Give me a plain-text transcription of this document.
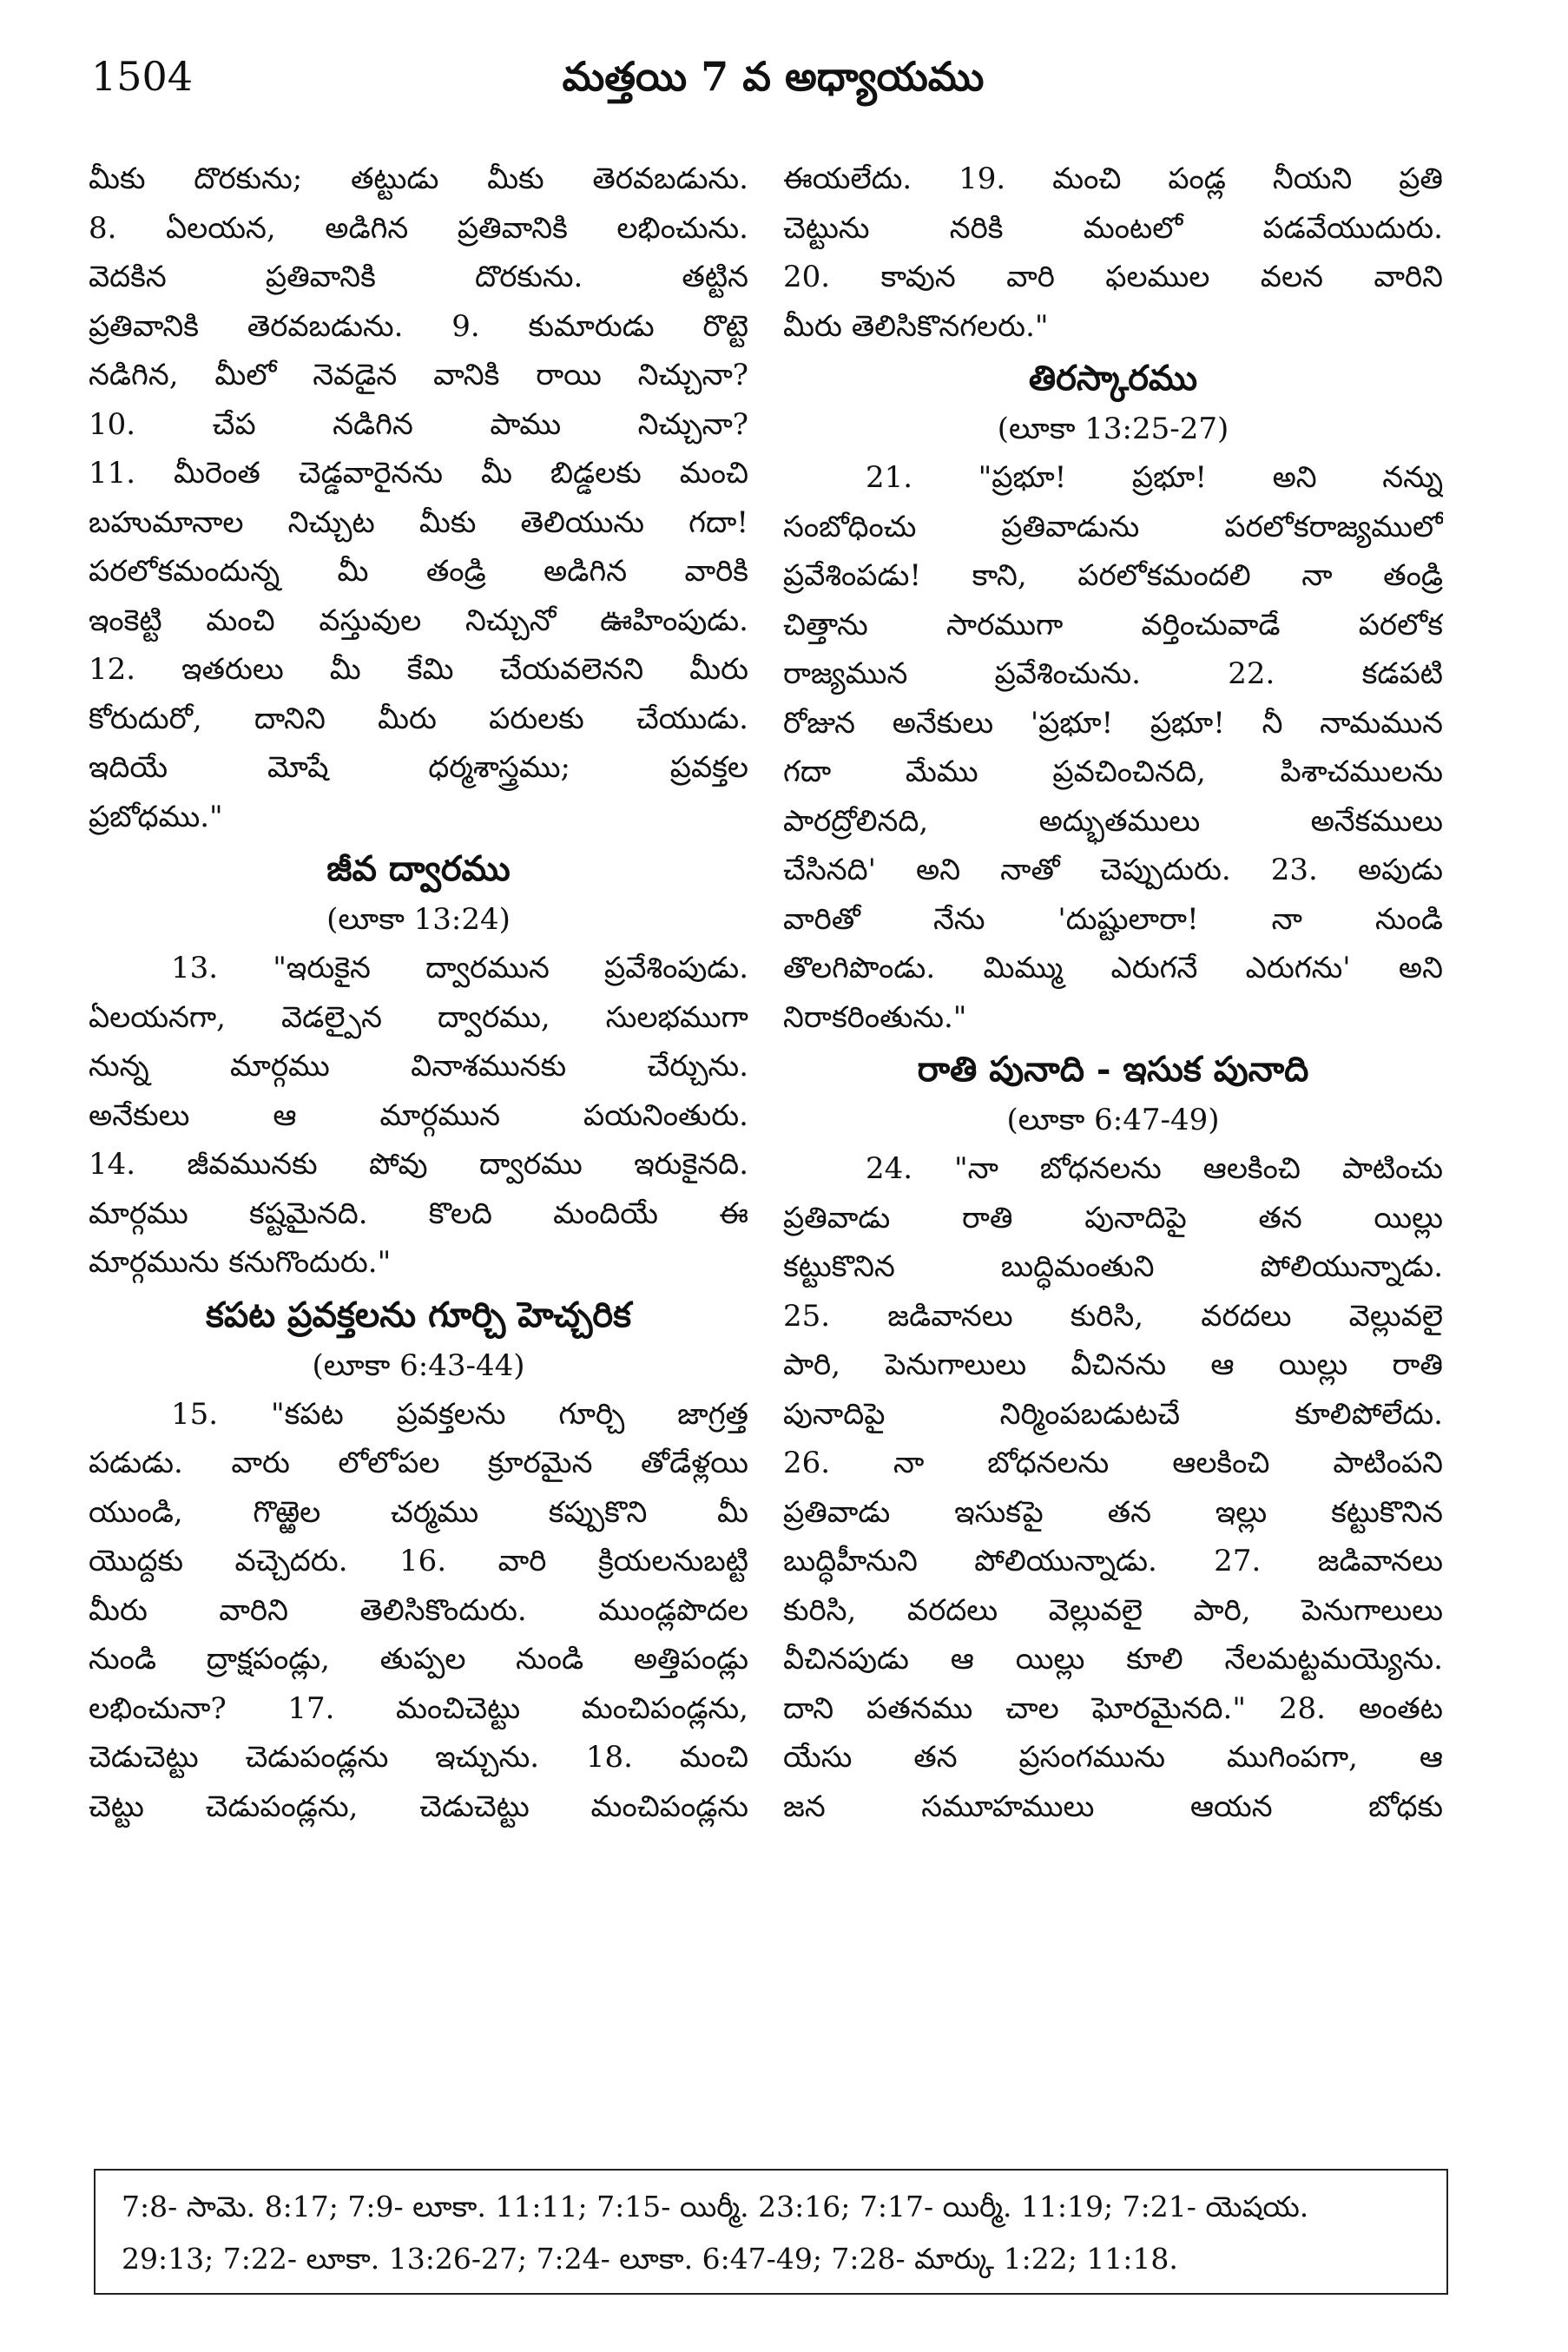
1504	మత్తయి 7 వ అధ్యాయము
మీకు దొరకును; తట్టుడు మీకు తెరవబడును.
8. ఏలయన, అడిగిన ప్రతివానికి లభించును.
వెదకిన ప్రతివానికి దొరకును. తట్టిన
ప్రతివానికి తెరవబడును. 9. కుమారుడు రొట్టె
నడిగిన, మీలో నెవడైన వానికి రాయి నిచ్చునా?
10. చేప నడిగిన పాము నిచ్చునా?
11. మీరెంత చెడ్డవారైనను మీ బిడ్డలకు మంచి
బహుమానాల నిచ్చుట మీకు తెలియును గదా!
పరలోకమందున్న మీ తండ్రి అడిగిన వారికి
ఇంకెట్టి మంచి వస్తువుల నిచ్చునో ఊహింపుడు.
12. ఇతరులు మీ కేమి చేయవలెనని మీరు
కోరుదురో, దానిని మీరు పరులకు చేయుడు.
ఇదియే మోషే ధర్మశాస్త్రము; ప్రవక్తల
ప్రబోధము."
జీవ ద్వారము
(లూకా 13:24)
13. "ఇరుకైన ద్వారమున ప్రవేశింపుడు.
ఏలయనగా, వెడల్పైన ద్వారము, సులభముగా
నున్న మార్గము వినాశమునకు చేర్చును.
అనేకులు ఆ మార్గమున పయనింతురు.
14. జీవమునకు పోవు ద్వారము ఇరుకైనది.
మార్గము కష్టమైనది. కొలది మందియే ఈ
మార్గమును కనుగొందురు."
కపట ప్రవక్తలను గూర్చి హెచ్చరిక
(లూకా 6:43-44)
15. "కపట ప్రవక్తలను గూర్చి జాగ్రత్త
పడుడు. వారు లోలోపల క్రూరమైన తోడేళ్లయి
యుండి, గొఱ్ఱెల చర్మము కప్పుకొని మీ
యొద్దకు వచ్చెదరు. 16. వారి క్రియలనుబట్టి
మీరు వారిని తెలిసికొందురు. ముండ్లపొదల
నుండి ద్రాక్షపండ్లు, తుప్పల నుండి అత్తిపండ్లు
లభించునా? 17. మంచిచెట్టు మంచిపండ్లను,
చెడుచెట్టు చెడుపండ్లను ఇచ్చును. 18. మంచి
చెట్టు చెడుపండ్లను, చెడుచెట్టు మంచిపండ్లను
ఈయలేదు. 19. మంచి పండ్ల నీయని ప్రతి
చెట్టును నరికి మంటలో పడవేయుదురు.
20. కావున వారి ఫలముల వలన వారిని
మీరు తెలిసికొనగలరు."
తిరస్కారము
(లూకా 13:25-27)
21. "ప్రభూ! ప్రభూ! అని నన్ను
సంబోధించు ప్రతివాడును పరలోకరాజ్యములో
ప్రవేశింపడు! కాని, పరలోకమందలి నా తండ్రి
చిత్తాను సారముగా వర్తించువాడే పరలోక
రాజ్యమున ప్రవేశించును. 22. కడపటి
రోజున అనేకులు 'ప్రభూ! ప్రభూ! నీ నామమున
గదా మేము ప్రవచించినది, పిశాచములను
పారద్రోలినది, అద్భుతములు అనేకములు
చేసినది' అని నాతో చెప్పుదురు. 23. అపుడు
వారితో నేను 'దుష్టులారా! నా నుండి
తొలగిపొండు. మిమ్ము ఎరుగనే ఎరుగను' అని
నిరాకరింతును."
రాతి పునాది - ఇసుక పునాది
(లూకా 6:47-49)
24. "నా బోధనలను ఆలకించి పాటించు
ప్రతివాడు రాతి పునాదిపై తన యిల్లు
కట్టుకొనిన బుద్ధిమంతుని పోలియున్నాడు.
25. జడివానలు కురిసి, వరదలు వెల్లువలై
పారి, పెనుగాలులు వీచినను ఆ యిల్లు రాతి
పునాదిపై నిర్మింపబడుటచే కూలిపోలేదు.
26. నా బోధనలను ఆలకించి పాటింపని
ప్రతివాడు ఇసుకపై తన ఇల్లు కట్టుకొనిన
బుద్ధిహీనుని పోలియున్నాడు. 27. జడివానలు
కురిసి, వరదలు వెల్లువలై పారి, పెనుగాలులు
వీచినపుడు ఆ యిల్లు కూలి నేలమట్టమయ్యెను.
దాని పతనము చాల ఘోరమైనది." 28. అంతట
యేసు తన ప్రసంగమును ముగింపగా, ఆ
జన సమూహములు ఆయన బోధకు
7:8- సామె. 8:17; 7:9- లూకా. 11:11; 7:15- యిర్మీ. 23:16; 7:17- యిర్మీ. 11:19; 7:21- యెషయ.
29:13; 7:22- లూకా. 13:26-27; 7:24- లూకా. 6:47-49; 7:28- మార్కు 1:22; 11:18.
